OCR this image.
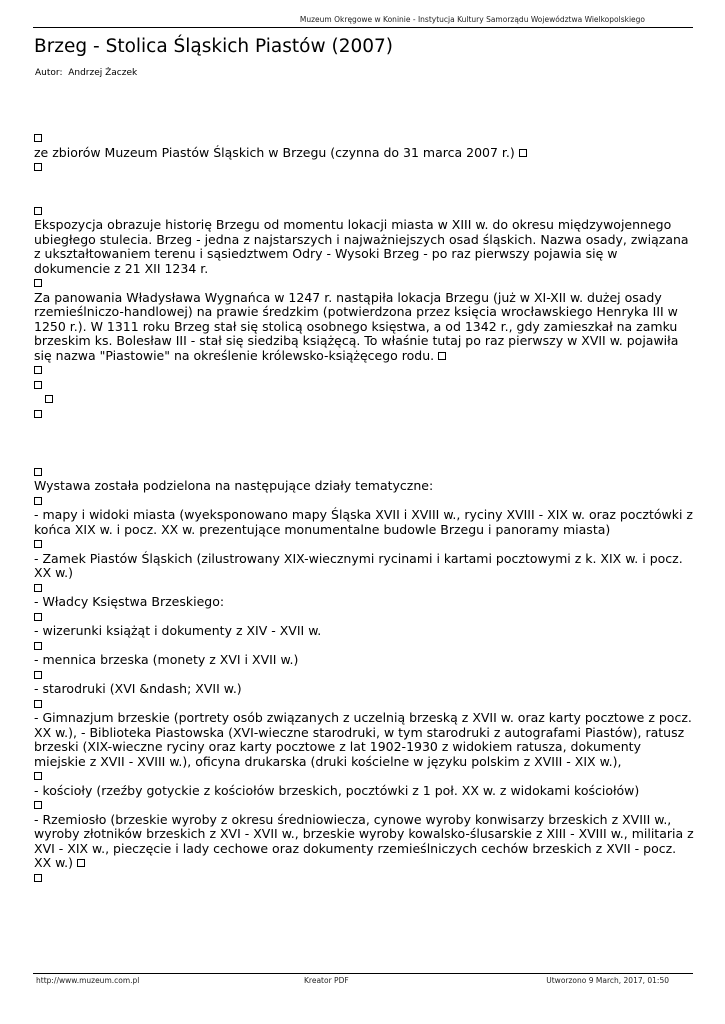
Muzeum Okręgowe w Koninie - Instytucja Kultury Samorządu Województwa Wielkopolskiego
Brzeg - Stolica Śląskich Piastów (2007)
Autor: Andrzej Żaczek

ze zbiorów Muzeum Piastów Śląskich w Brzegu (czynna do 31 marca 2007 r.)

Ekspozycja obrazuje historię Brzegu od momentu lokacji miasta w XIII w. do okresu międzywojennego ubiegłego stulecia. Brzeg - jedna z najstarszych i najważniejszych osad śląskich. Nazwa osady, związana z ukształtowaniem terenu i sąsiedztwem Odry - Wysoki Brzeg - po raz pierwszy pojawia się w dokumencie z 21 XII 1234 r.

Za panowania Władysława Wygnańca w 1247 r. nastąpiła lokacja Brzegu (już w XI-XII w. dużej osady rzemieślniczo-handlowej) na prawie średzkim (potwierdzona przez księcia wrocławskiego Henryka III w 1250 r.). W 1311 roku Brzeg stał się stolicą osobnego księstwa, a od 1342 r., gdy zamieszkał na zamku brzeskim ks. Bolesław III - stał się siedzibą książęcą. To właśnie tutaj po raz pierwszy w XVII w. pojawiła się nazwa "Piastowie" na określenie królewsko-książęcego rodu.

Wystawa została podzielona na następujące działy tematyczne:

- mapy i widoki miasta (wyeksponowano mapy Śląska XVII i XVIII w., ryciny XVIII - XIX w. oraz pocztówki z końca XIX w. i pocz. XX w. prezentujące monumentalne budowle Brzegu i panoramy miasta)

- Zamek Piastów Śląskich (zilustrowany XIX-wiecznymi rycinami i kartami pocztowymi z k. XIX w. i pocz. XX w.)

- Władcy Księstwa Brzeskiego:

- wizerunki książąt i dokumenty z XIV - XVII w.

- mennica brzeska (monety z XVI i XVII w.)

- starodruki (XVI &ndash; XVII w.)

- Gimnazjum brzeskie (portrety osób związanych z uczelnią brzeską z XVII w. oraz karty pocztowe z pocz. XX w.), - Biblioteka Piastowska (XVI-wieczne starodruki, w tym starodruki z autografami Piastów), ratusz brzeski (XIX-wieczne ryciny oraz karty pocztowe z lat 1902-1930 z widokiem ratusza, dokumenty miejskie z XVII - XVIII w.), oficyna drukarska (druki kościelne w języku polskim z XVIII - XIX w.),

- kościoły (rzeźby gotyckie z kościołów brzeskich, pocztówki z 1 poł. XX w. z widokami kościołów)

- Rzemiosło (brzeskie wyroby z okresu średniowiecza, cynowe wyroby konwisarzy brzeskich z XVIII w., wyroby złotników brzeskich z XVI - XVII w., brzeskie wyroby kowalsko-ślusarskie z XIII - XVIII w., militaria z XVI - XIX w., pieczęcie i lady cechowe oraz dokumenty rzemieślniczych cechów brzeskich z XVII - pocz. XX w.)

http://www.muzeum.com.pl	Kreator PDF	Utworzono 9 March, 2017, 01:50
